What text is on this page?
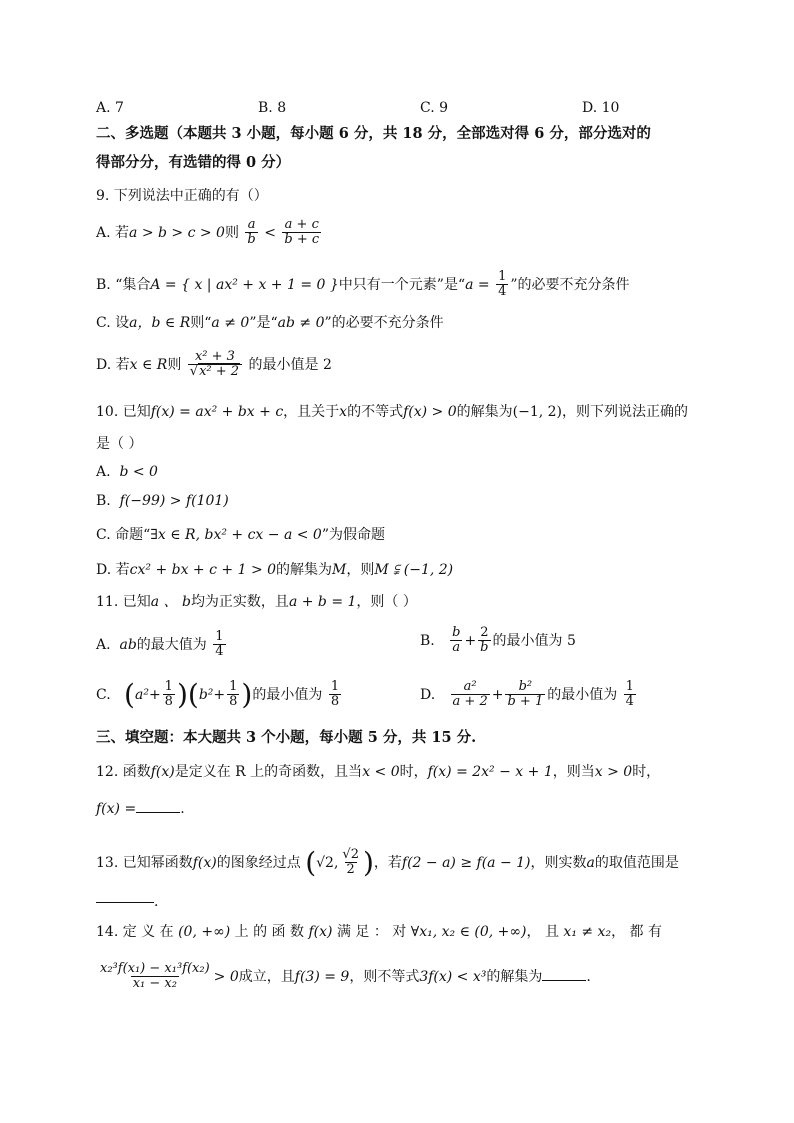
A. 7	B. 8	C. 9	D. 10
二、多选题（本题共 3 小题，每小题 6 分，共 18 分，全部选对得 6 分，部分选对的
得部分分，有选错的得 0 分）
9. 下列说法中正确的有（）
A. 若a > b > c > 0则 $\frac{a}{b} < \frac{a + c}{b + c}$
B. “集合A = { x | ax² + x + 1 = 0 }中只有一个元素”是“$a = \frac{1}{4}$ ”的必要不充分条件
C. 设a，b ∈ R则“a ≠ 0”是“ab ≠ 0”的必要不充分条件
D. 若x ∈ R则 $\frac{\text{x² + 3}}{\text{√x² + 2}}$ 的最小值是 2
10. 已知f(x) = ax² + bx + c，且关于x的不等式f(x) > 0的解集为(−1, 2)，则下列说法正确的
是（ ）
A. b < 0
B. f(−99) > f(101)
C. 命题“∃x ∈ R, bx² + cx − a < 0”为假命题
D. 若cx² + bx + c + 1 > 0的解集为M，则M ⫋ (−1, 2)
11. 已知a 、 b均为正实数，且a + b = 1，则（ ）
A. ab的最大值为 $\frac{1}{4}$	B. $\frac{b}{a} + \frac{2}{b}$ 的最小值为 5
C. $(a^2+ \frac{1}{8} )(b^2+ \frac{1}{8}$ )的最小值为 $\frac{1}{8}$	D. $\frac{\text{a²}}{a + 2} + \frac{\text{b²}}{b + 1}$ 的最小值为 $\frac{1}{4}$
三、填空题：本大题共 3 个小题，每小题 5 分，共 15 分.
12. 函数f(x)是定义在 R 上的奇函数，且当x < 0时，f(x) = 2x² − x + 1，则当x > 0时，
f(x) =	.
13. 已知幂函数f(x)的图象经过点 (√2, $\frac{√2}{2}$ )，若f(2 − a) ≥ f(a − 1)，则实数a的取值范围是
.
14. 定 义 在 (0, +∞) 上 的 函 数 f(x) 满 足 ： 对 ∀x₁, x₂ ∈ (0, +∞)， 且 x₁ ≠ x₂， 都 有
$\frac{\text{x₂³f(x₁) − x₁³f(x₂)}}{\text{x₁ − x₂}} > 0$成立，且f(3) = 9，则不等式3f(x) < x³的解集为	.
